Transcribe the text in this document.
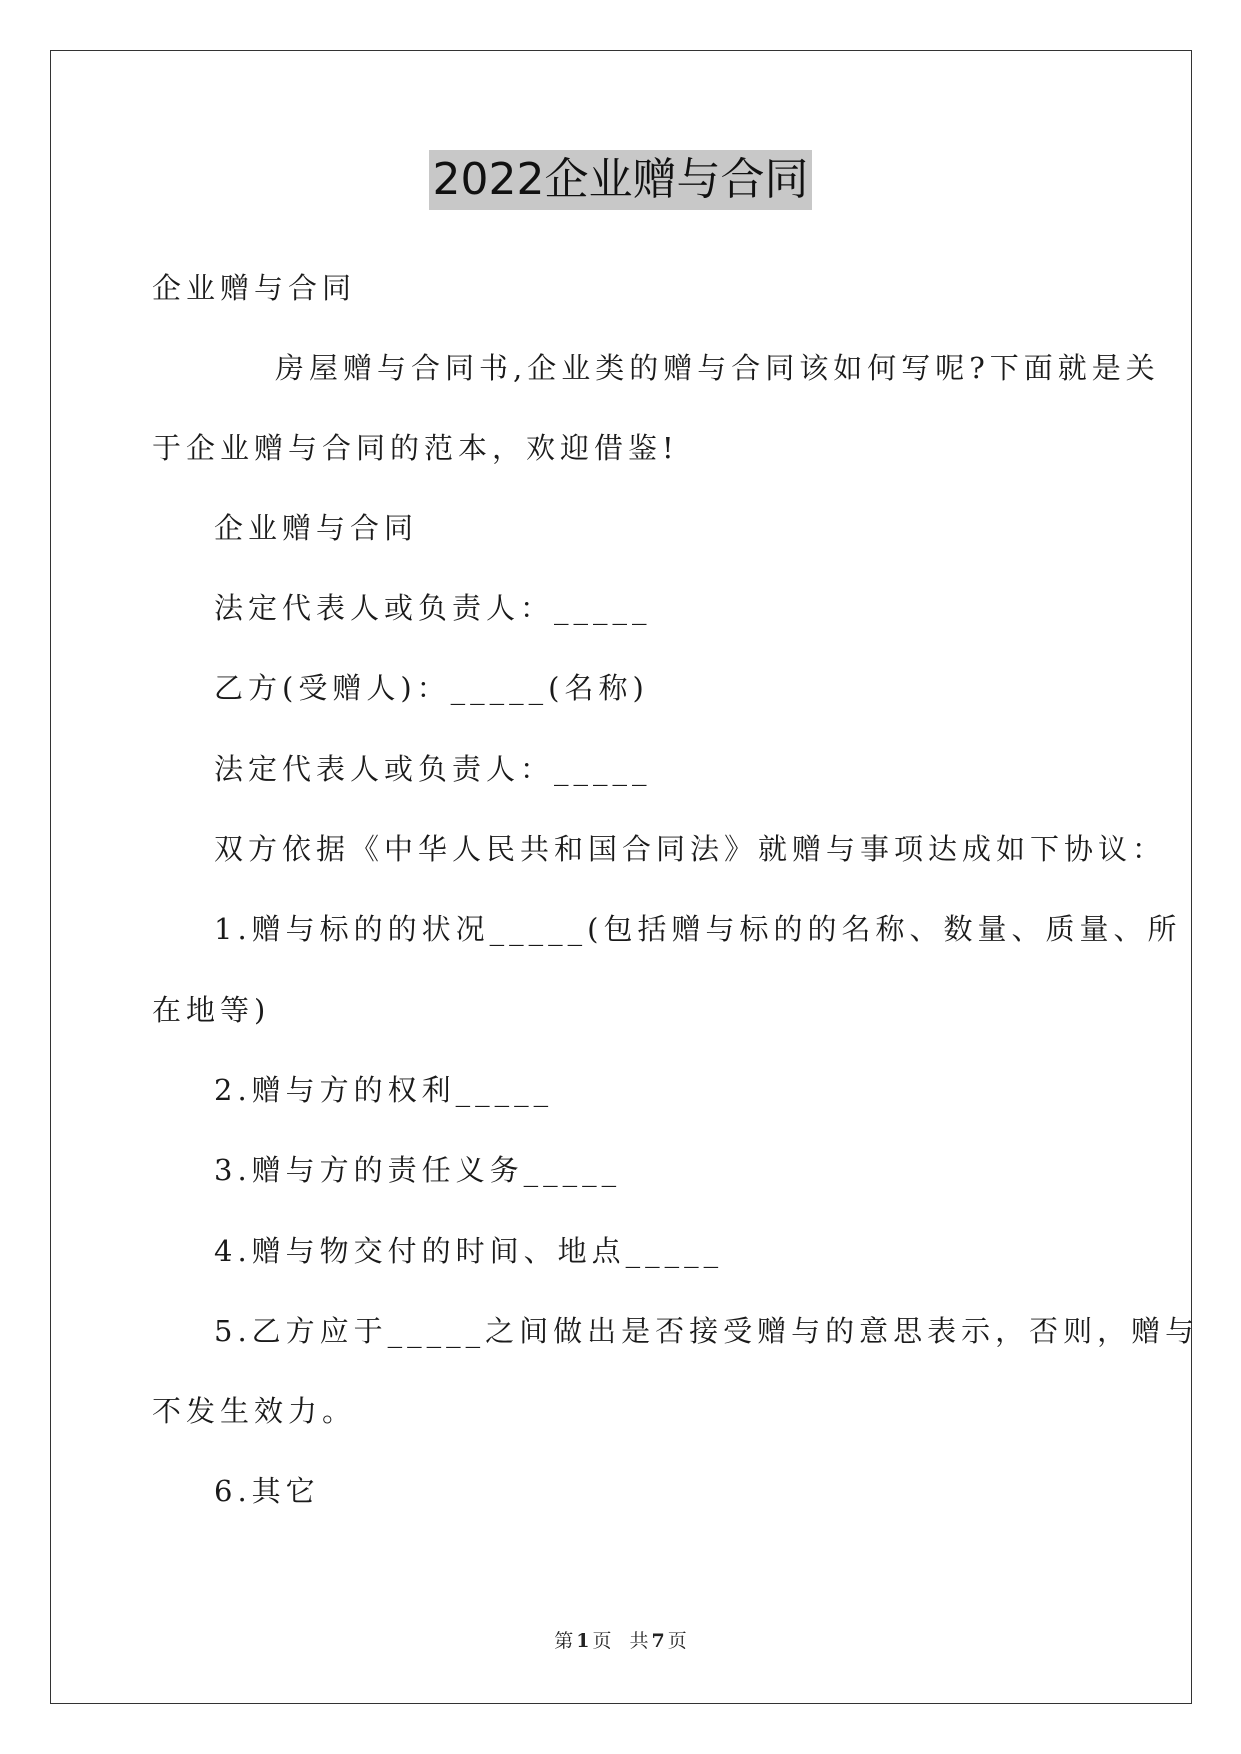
2022企业赠与合同
企业赠与合同
房屋赠与合同书,企业类的赠与合同该如何写呢?下面就是关
于企业赠与合同的范本，欢迎借鉴!
企业赠与合同
法定代表人或负责人：_____
乙方(受赠人)：_____(名称)
法定代表人或负责人：_____
双方依据《中华人民共和国合同法》就赠与事项达成如下协议：
1.赠与标的的状况_____(包括赠与标的的名称、数量、质量、所
在地等)
2.赠与方的权利_____
3.赠与方的责任义务_____
4.赠与物交付的时间、地点_____
5.乙方应于_____之间做出是否接受赠与的意思表示，否则，赠与
不发生效力。
6.其它
第 1 页 共 7 页
